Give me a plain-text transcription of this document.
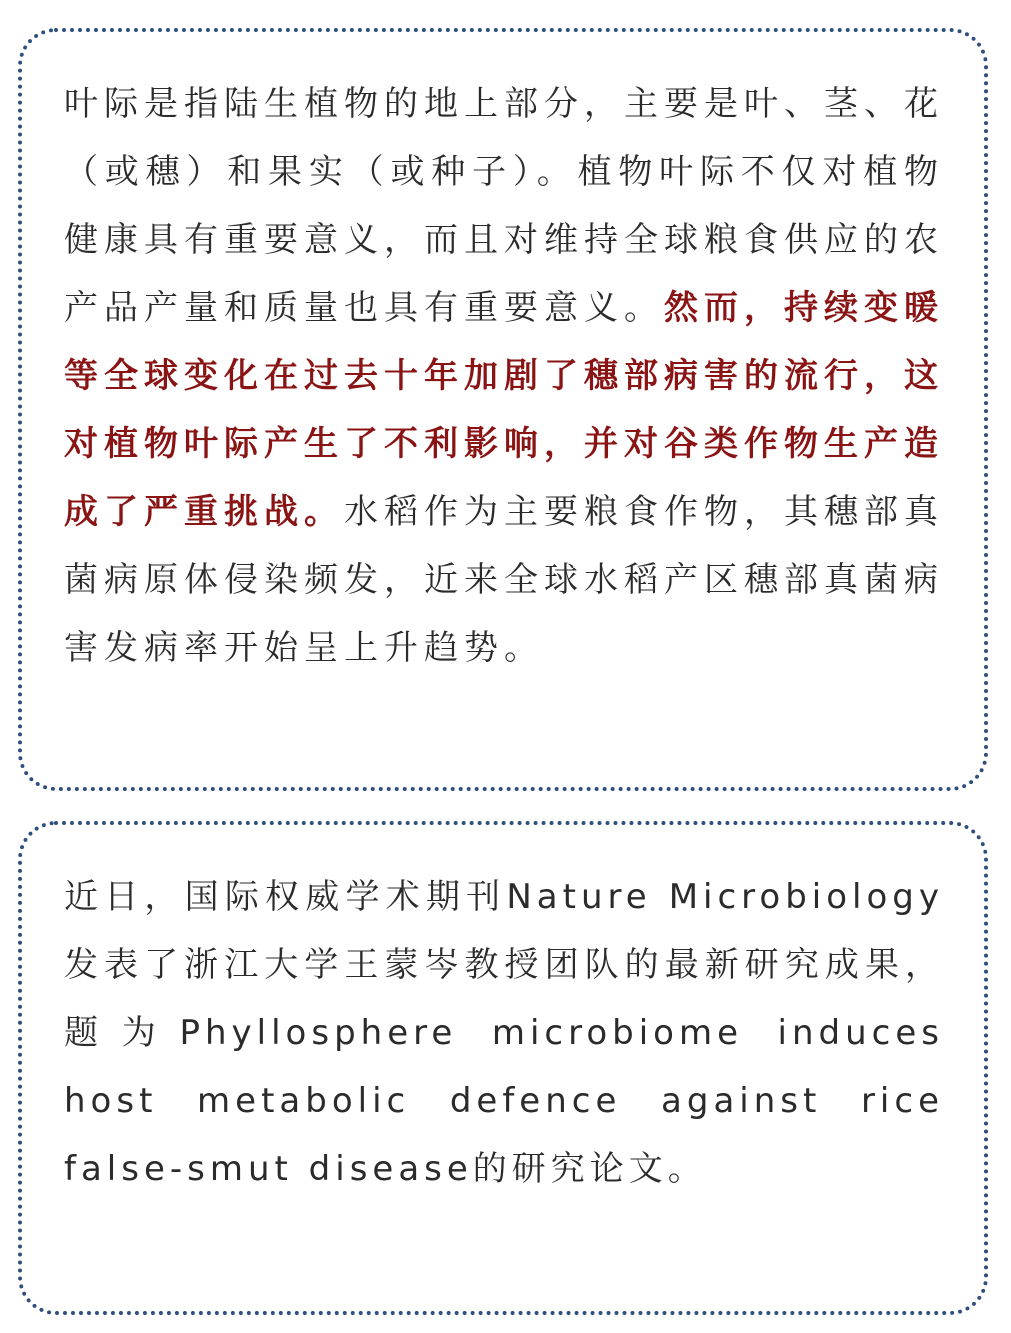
叶际是指陆生植物的地上部分，主要是叶、茎、花（或穗）和果实（或种子）。植物叶际不仅对植物健康具有重要意义，而且对维持全球粮食供应的农产品产量和质量也具有重要意义。然而，持续变暖等全球变化在过去十年加剧了穗部病害的流行，这对植物叶际产生了不利影响，并对谷类作物生产造成了严重挑战。水稻作为主要粮食作物，其穗部真菌病原体侵染频发，近来全球水稻产区穗部真菌病害发病率开始呈上升趋势。

近日，国际权威学术期刊Nature Microbiology发表了浙江大学王蒙岑教授团队的最新研究成果，题为Phyllosphere microbiome induces host metabolic defence against rice false-smut disease的研究论文。
